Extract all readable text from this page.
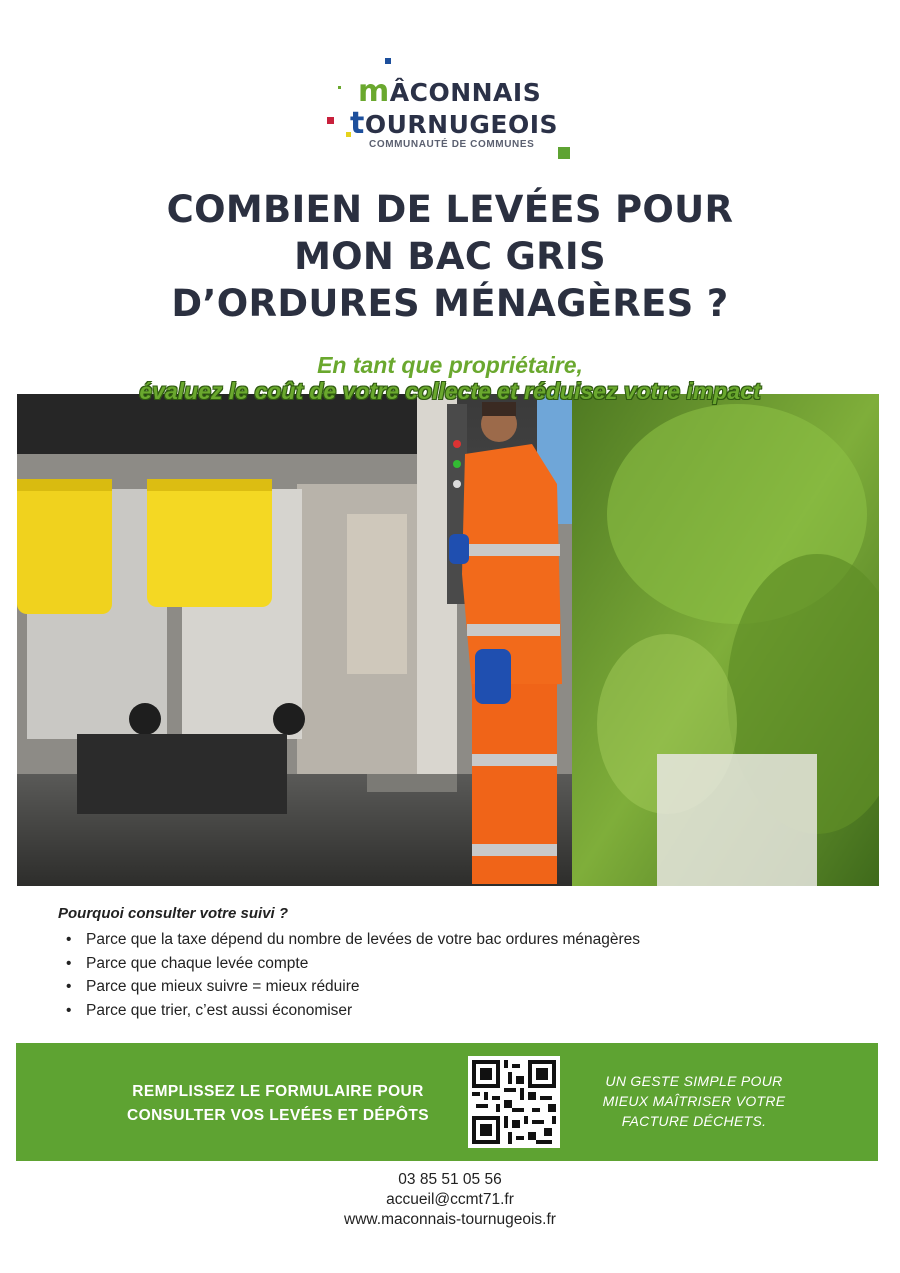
mÂCONNAIS
tOURNUGEOIS
COMMUNAUTÉ DE COMMUNES
COMBIEN DE LEVÉES POUR
MON BAC GRIS
D’ORDURES MÉNAGÈRES ?
En tant que propriétaire,
évaluez le coût de votre collecte et réduisez votre impact
Pourquoi consulter votre suivi ?
• Parce que la taxe dépend du nombre de levées de votre bac ordures ménagères
• Parce que chaque levée compte
• Parce que mieux suivre = mieux réduire
• Parce que trier, c’est aussi économiser
REMPLISSEZ LE FORMULAIRE POUR
CONSULTER VOS LEVÉES ET DÉPÔTS
UN GESTE SIMPLE POUR
MIEUX MAÎTRISER VOTRE
FACTURE DÉCHETS.
03 85 51 05 56
accueil@ccmt71.fr
www.maconnais-tournugeois.fr
